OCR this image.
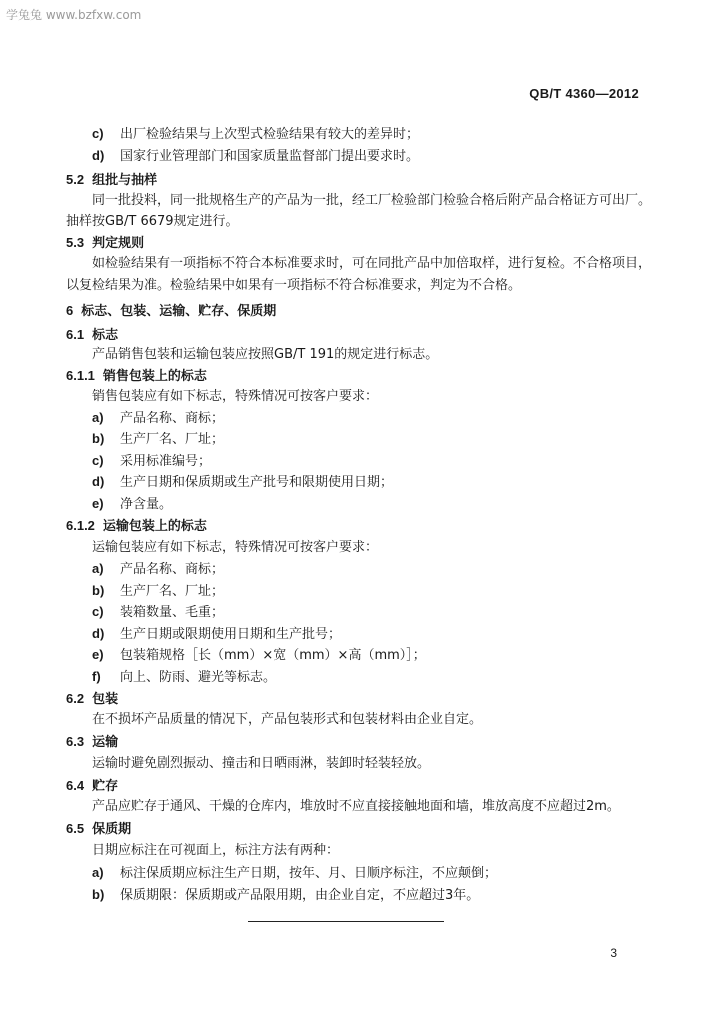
学兔兔 www.bzfxw.com
QB/T 4360—2012
c) 出厂检验结果与上次型式检验结果有较大的差异时；
d) 国家行业管理部门和国家质量监督部门提出要求时。
5.2 组批与抽样
同一批投料，同一批规格生产的产品为一批，经工厂检验部门检验合格后附产品合格证方可出厂。
抽样按GB/T 6679规定进行。
5.3 判定规则
如检验结果有一项指标不符合本标准要求时，可在同批产品中加倍取样，进行复检。不合格项目，
以复检结果为准。检验结果中如果有一项指标不符合标准要求，判定为不合格。
6 标志、包装、运输、贮存、保质期
6.1 标志
产品销售包装和运输包装应按照GB/T 191的规定进行标志。
6.1.1 销售包装上的标志
销售包装应有如下标志，特殊情况可按客户要求：
a) 产品名称、商标；
b) 生产厂名、厂址；
c) 采用标准编号；
d) 生产日期和保质期或生产批号和限期使用日期；
e) 净含量。
6.1.2 运输包装上的标志
运输包装应有如下标志，特殊情况可按客户要求：
a) 产品名称、商标；
b) 生产厂名、厂址；
c) 装箱数量、毛重；
d) 生产日期或限期使用日期和生产批号；
e) 包装箱规格［长（mm）×宽（mm）×高（mm）］；
f) 向上、防雨、避光等标志。
6.2 包装
在不损坏产品质量的情况下，产品包装形式和包装材料由企业自定。
6.3 运输
运输时避免剧烈振动、撞击和日晒雨淋，装卸时轻装轻放。
6.4 贮存
产品应贮存于通风、干燥的仓库内，堆放时不应直接接触地面和墙，堆放高度不应超过2m。
6.5 保质期
日期应标注在可视面上，标注方法有两种：
a) 标注保质期应标注生产日期，按年、月、日顺序标注，不应颠倒；
b) 保质期限：保质期或产品限用期，由企业自定，不应超过3年。
3
